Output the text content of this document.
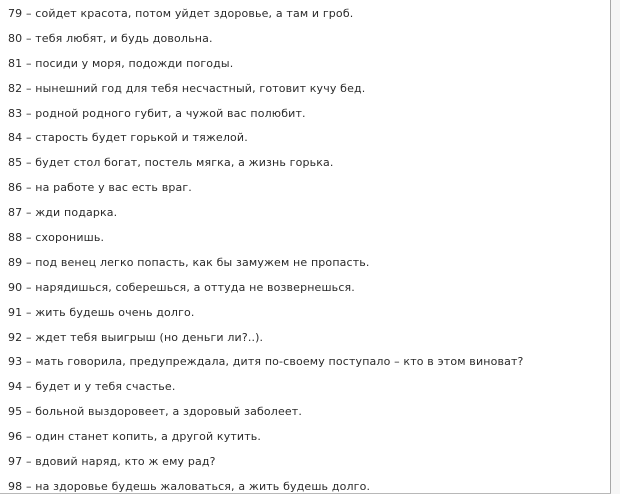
79 – сойдет красота, потом уйдет здоровье, а там и гроб.
80 – тебя любят, и будь довольна.
81 – посиди у моря, подожди погоды.
82 – нынешний год для тебя несчастный, готовит кучу бед.
83 – родной родного губит, а чужой вас полюбит.
84 – старость будет горькой и тяжелой.
85 – будет стол богат, постель мягка, а жизнь горька.
86 – на работе у вас есть враг.
87 – жди подарка.
88 – схоронишь.
89 – под венец легко попасть, как бы замужем не пропасть.
90 – нарядишься, соберешься, а оттуда не возвернешься.
91 – жить будешь очень долго.
92 – ждет тебя выигрыш (но деньги ли?..).
93 – мать говорила, предупреждала, дитя по-своему поступало – кто в этом виноват?
94 – будет и у тебя счастье.
95 – больной выздоровеет, а здоровый заболеет.
96 – один станет копить, а другой кутить.
97 – вдовий наряд, кто ж ему рад?
98 – на здоровье будешь жаловаться, а жить будешь долго.
